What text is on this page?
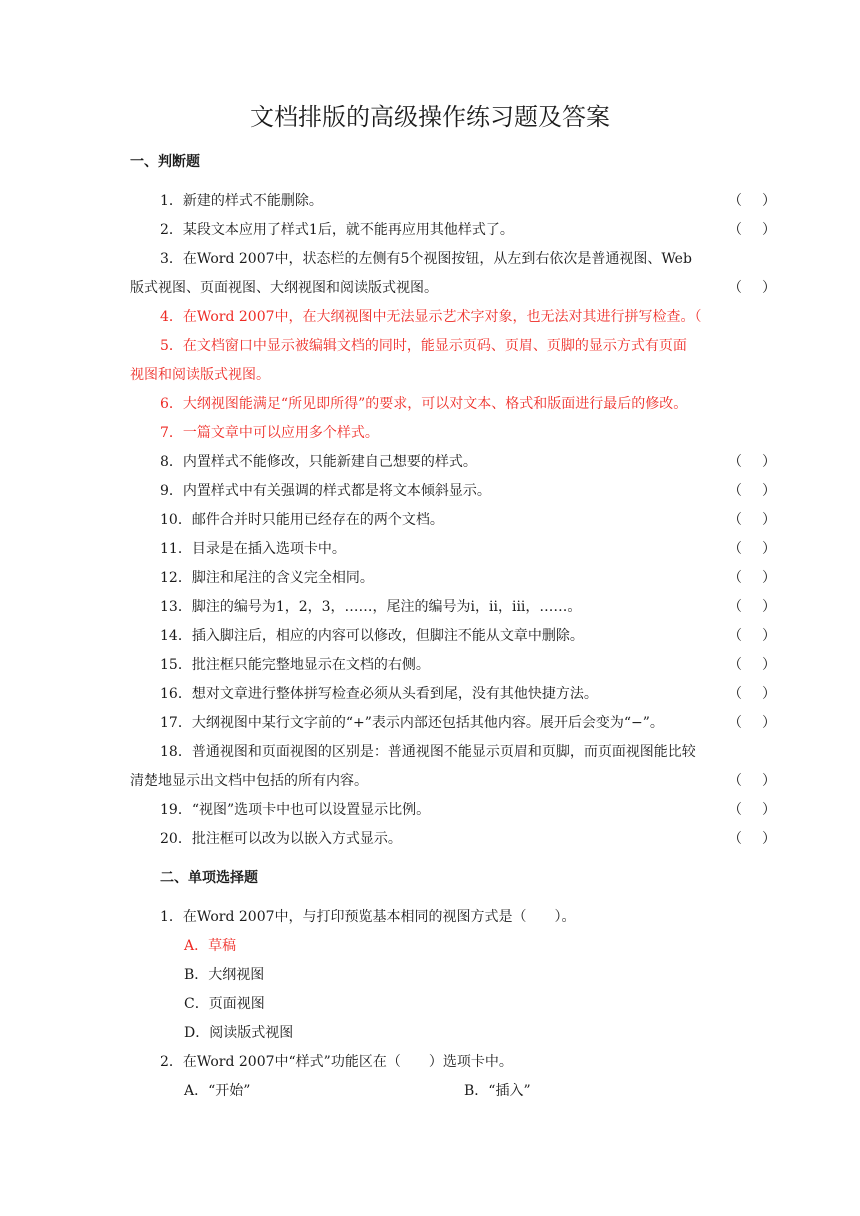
文档排版的高级操作练习题及答案
一、判断题
1．新建的样式不能删除。	（ ）
2．某段文本应用了样式1后，就不能再应用其他样式了。	（ ）
3．在Word 2007中，状态栏的左侧有5个视图按钮，从左到右依次是普通视图、Web
版式视图、页面视图、大纲视图和阅读版式视图。	（ ）
4．在Word 2007中，在大纲视图中无法显示艺术字对象，也无法对其进行拼写检查。（
5．在文档窗口中显示被编辑文档的同时，能显示页码、页眉、页脚的显示方式有页面
视图和阅读版式视图。
6．大纲视图能满足“所见即所得”的要求，可以对文本、格式和版面进行最后的修改。
7．一篇文章中可以应用多个样式。
8．内置样式不能修改，只能新建自己想要的样式。	（ ）
9．内置样式中有关强调的样式都是将文本倾斜显示。	（ ）
10．邮件合并时只能用已经存在的两个文档。	（ ）
11．目录是在插入选项卡中。	（ ）
12．脚注和尾注的含义完全相同。	（ ）
13．脚注的编号为1，2，3，……，尾注的编号为i，ii，iii，……。	（ ）
14．插入脚注后，相应的内容可以修改，但脚注不能从文章中删除。	（ ）
15．批注框只能完整地显示在文档的右侧。	（ ）
16．想对文章进行整体拼写检查必须从头看到尾，没有其他快捷方法。	（ ）
17．大纲视图中某行文字前的“+”表示内部还包括其他内容。展开后会变为“−”。	（ ）
18．普通视图和页面视图的区别是：普通视图不能显示页眉和页脚，而页面视图能比较
清楚地显示出文档中包括的所有内容。	（ ）
19．“视图”选项卡中也可以设置显示比例。	（ ）
20．批注框可以改为以嵌入方式显示。	（ ）
二、单项选择题
1．在Word 2007中，与打印预览基本相同的视图方式是（　　）。
A．草稿
B．大纲视图
C．页面视图
D．阅读版式视图
2．在Word 2007中“样式”功能区在（　　）选项卡中。
A．“开始”	B．“插入”
